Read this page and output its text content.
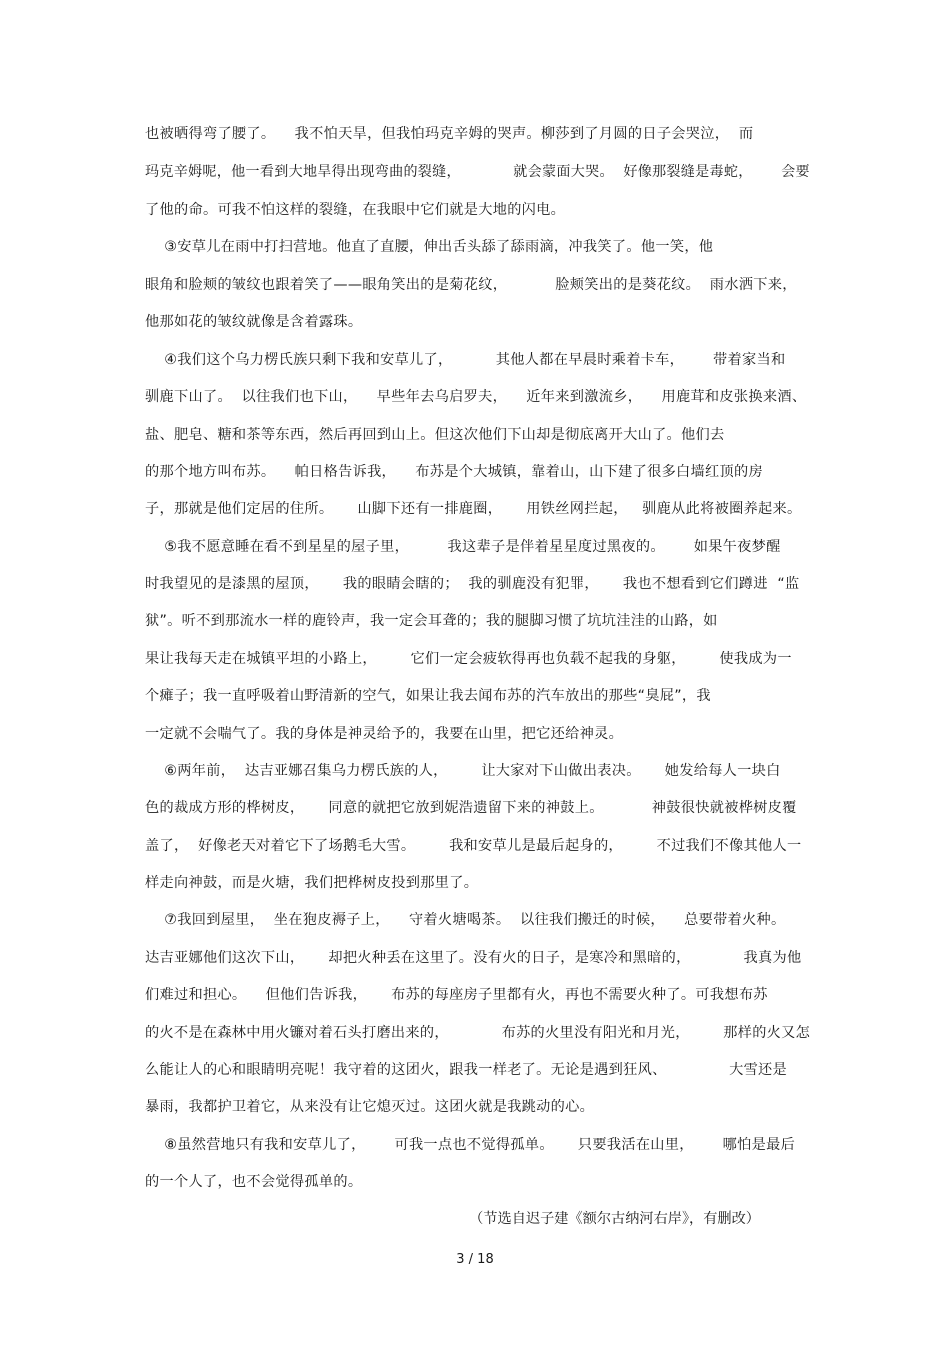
也被晒得弯了腰了。    我不怕天旱，但我怕玛克辛姆的哭声。柳莎到了月圆的日子会哭泣，  而
玛克辛姆呢，他一看到大地旱得出现弯曲的裂缝，           就会蒙面大哭。  好像那裂缝是毒蛇，      会要
了他的命。可我不怕这样的裂缝，在我眼中它们就是大地的闪电。
③安草儿在雨中打扫营地。他直了直腰，伸出舌头舔了舔雨滴，冲我笑了。他一笑，他
眼角和脸颊的皱纹也跟着笑了——眼角笑出的是菊花纹，          脸颊笑出的是葵花纹。  雨水洒下来，
他那如花的皱纹就像是含着露珠。
④我们这个乌力楞氏族只剩下我和安草儿了，         其他人都在早晨时乘着卡车，      带着家当和
驯鹿下山了。  以往我们也下山，    早些年去乌启罗夫，    近年来到激流乡，    用鹿茸和皮张换来酒、
盐、肥皂、糖和茶等东西，然后再回到山上。但这次他们下山却是彻底离开大山了。他们去
的那个地方叫布苏。    帕日格告诉我，    布苏是个大城镇，靠着山，山下建了很多白墙红顶的房
子，那就是他们定居的住所。     山脚下还有一排鹿圈，     用铁丝网拦起，   驯鹿从此将被圈养起来。
⑤我不愿意睡在看不到星星的屋子里，        我这辈子是伴着星星度过黑夜的。      如果午夜梦醒
时我望见的是漆黑的屋顶，     我的眼睛会瞎的；  我的驯鹿没有犯罪，     我也不想看到它们蹲进  “监
狱”。听不到那流水一样的鹿铃声，我一定会耳聋的；我的腿脚习惯了坑坑洼洼的山路，如
果让我每天走在城镇平坦的小路上，       它们一定会疲软得再也负载不起我的身躯，       使我成为一
个瘫子；我一直呼吸着山野清新的空气，如果让我去闻布苏的汽车放出的那些“臭屁”，我
一定就不会喘气了。我的身体是神灵给予的，我要在山里，把它还给神灵。
⑥两年前，  达吉亚娜召集乌力楞氏族的人，       让大家对下山做出表决。     她发给每人一块白
色的裁成方形的桦树皮，     同意的就把它放到妮浩遗留下来的神鼓上。          神鼓很快就被桦树皮覆
盖了，  好像老天对着它下了场鹅毛大雪。       我和安草儿是最后起身的，       不过我们不像其他人一
样走向神鼓，而是火塘，我们把桦树皮投到那里了。
⑦我回到屋里，  坐在狍皮褥子上，    守着火塘喝茶。  以往我们搬迁的时候，    总要带着火种。
达吉亚娜他们这次下山，     却把火种丢在这里了。没有火的日子，是寒冷和黑暗的，           我真为他
们难过和担心。    但他们告诉我，     布苏的每座房子里都有火，再也不需要火种了。可我想布苏
的火不是在森林中用火镰对着石头打磨出来的，           布苏的火里没有阳光和月光，       那样的火又怎
么能让人的心和眼睛明亮呢！我守着的这团火，跟我一样老了。无论是遇到狂风、             大雪还是
暴雨，我都护卫着它，从来没有让它熄灭过。这团火就是我跳动的心。
⑧虽然营地只有我和安草儿了，      可我一点也不觉得孤单。     只要我活在山里，      哪怕是最后
的一个人了，也不会觉得孤单的。
（节选自迟子建《额尔古纳河右岸》，有删改）
3 / 18
